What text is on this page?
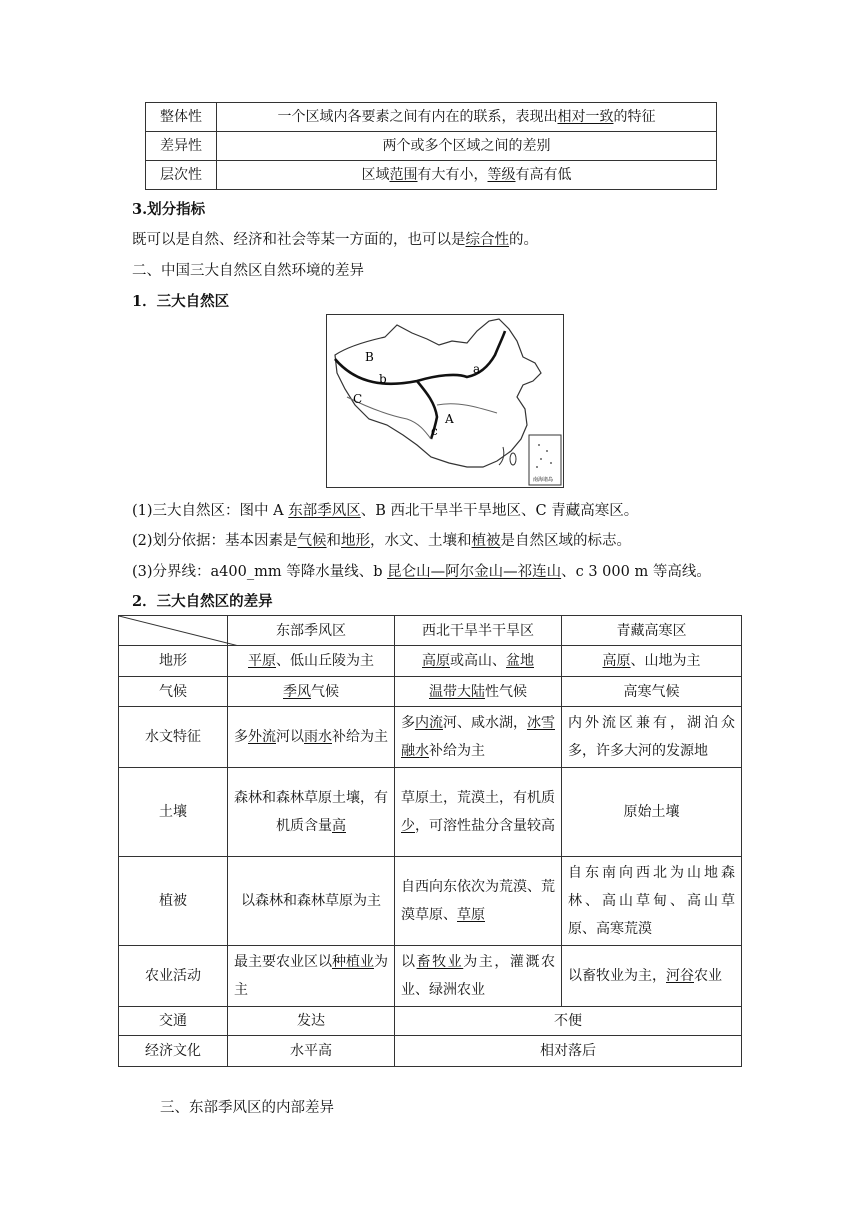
整体性	一个区域内各要素之间有内在的联系，表现出相对一致的特征
差异性	两个或多个区域之间的差别
层次性	区域范围有大有小，等级有高有低
3.划分指标
既可以是自然、经济和社会等某一方面的，也可以是综合性的。
二、中国三大自然区自然环境的差异
1．三大自然区
南海诸岛
B
b
a
C
c
A
(1)三大自然区：图中 A 东部季风区、B 西北干旱半干旱地区、C 青藏高寒区。
(2)划分依据：基本因素是气候和地形，水文、土壤和植被是自然区域的标志。
(3)分界线：a400_mm 等降水量线、b 昆仑山—阿尔金山—祁连山、c 3 000 m 等高线。
2．三大自然区的差异
	东部季风区	西北干旱半干旱区	青藏高寒区
地形	平原、低山丘陵为主	高原或高山、盆地	高原、山地为主
气候	季风气候	温带大陆性气候	高寒气候
水文特征	多外流河以雨水补给为主	多内流河、咸水湖，冰雪融水补给为主	内外流区兼有，湖泊众多，许多大河的发源地
土壤	森林和森林草原土壤，有机质含量高	草原土，荒漠土，有机质少，可溶性盐分含量较高	原始土壤
植被	以森林和森林草原为主	自西向东依次为荒漠、荒漠草原、草原	自东南向西北为山地森林、高山草甸、高山草原、高寒荒漠
农业活动	最主要农业区以种植业为主	以畜牧业为主，灌溉农业、绿洲农业	以畜牧业为主，河谷农业
交通	发达	不便	
经济文化	水平高	相对落后	
三、东部季风区的内部差异
